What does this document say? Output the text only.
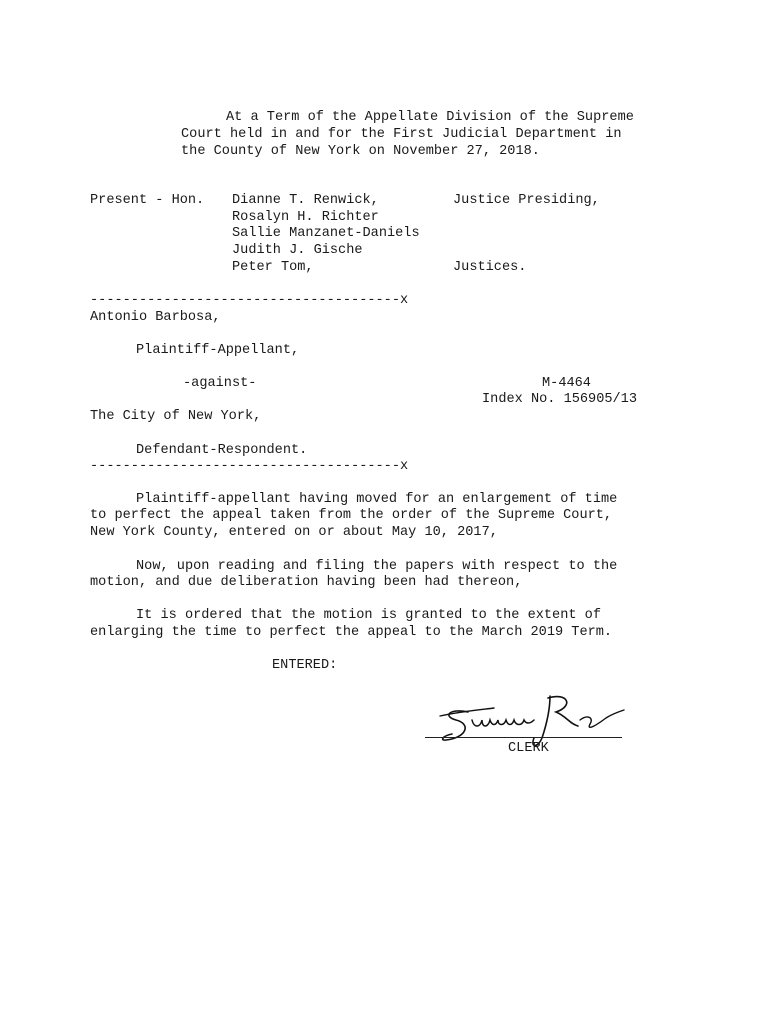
At a Term of the Appellate Division of the Supreme
Court held in and for the First Judicial Department in
the County of New York on November 27, 2018.
Present - Hon. Dianne T. Renwick,	Justice Presiding,
Rosalyn H. Richter
Sallie Manzanet-Daniels
Judith J. Gische
Peter Tom,	Justices.
--------------------------------------x
Antonio Barbosa,
Plaintiff-Appellant,
-against-	M-4464
Index No. 156905/13
The City of New York,
Defendant-Respondent.
--------------------------------------x
Plaintiff-appellant having moved for an enlargement of time
to perfect the appeal taken from the order of the Supreme Court,
New York County, entered on or about May 10, 2017,
Now, upon reading and filing the papers with respect to the
motion, and due deliberation having been had thereon,
It is ordered that the motion is granted to the extent of
enlarging the time to perfect the appeal to the March 2019 Term.
ENTERED:
CLERK
